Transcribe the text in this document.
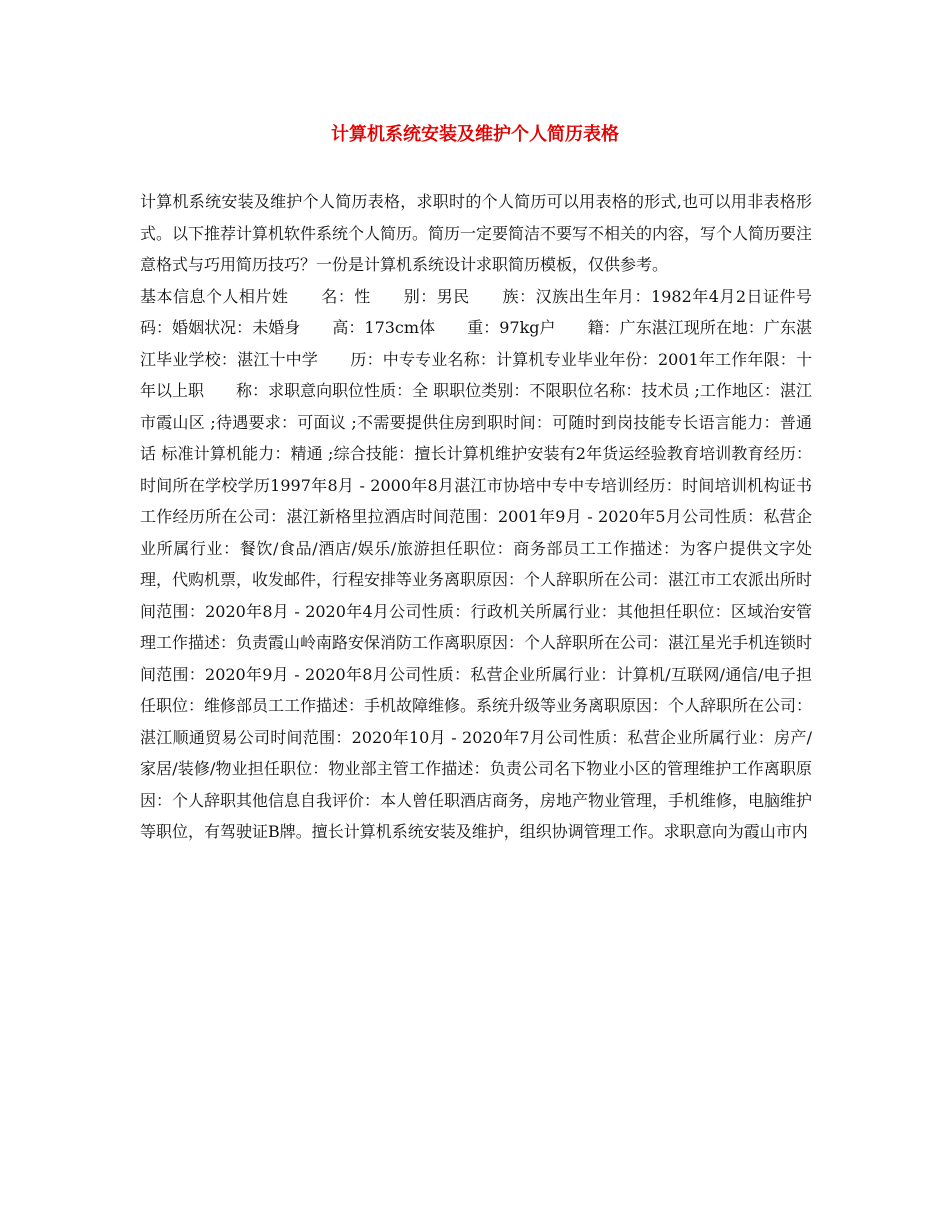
计算机系统安装及维护个人简历表格

计算机系统安装及维护个人简历表格，求职时的个人简历可以用表格的形式,也可以用非表格形式。以下推荐计算机软件系统个人简历。简历一定要简洁不要写不相关的内容，写个人简历要注意格式与巧用简历技巧？一份是计算机系统设计求职简历模板，仅供参考。

基本信息个人相片姓　　名：性　　别：男民　　族：汉族出生年月：1982年4月2日证件号码：婚姻状况：未婚身　　高：173cm体　　重：97kg户　　籍：广东湛江现所在地：广东湛江毕业学校：湛江十中学　　历：中专专业名称：计算机专业毕业年份：2001年工作年限：十年以上职　　称：求职意向职位性质：全 职职位类别：不限职位名称：技术员 ;工作地区：湛江市霞山区 ;待遇要求：可面议 ;不需要提供住房到职时间：可随时到岗技能专长语言能力：普通话 标准计算机能力：精通 ;综合技能：擅长计算机维护安装有2年货运经验教育培训教育经历：时间所在学校学历1997年8月 - 2000年8月湛江市协培中专中专培训经历：时间培训机构证书工作经历所在公司：湛江新格里拉酒店时间范围：2001年9月 - 2020年5月公司性质：私营企业所属行业：餐饮/食品/酒店/娱乐/旅游担任职位：商务部员工工作描述：为客户提供文字处理，代购机票，收发邮件，行程安排等业务离职原因：个人辞职所在公司：湛江市工农派出所时间范围：2020年8月 - 2020年4月公司性质：行政机关所属行业：其他担任职位：区域治安管理工作描述：负责霞山岭南路安保消防工作离职原因：个人辞职所在公司：湛江星光手机连锁时间范围：2020年9月 - 2020年8月公司性质：私营企业所属行业：计算机/互联网/通信/电子担任职位：维修部员工工作描述：手机故障维修。系统升级等业务离职原因：个人辞职所在公司：湛江顺通贸易公司时间范围：2020年10月 - 2020年7月公司性质：私营企业所属行业：房产/家居/装修/物业担任职位：物业部主管工作描述：负责公司名下物业小区的管理维护工作离职原因：个人辞职其他信息自我评价：本人曾任职酒店商务，房地产物业管理，手机维修，电脑维护等职位，有驾驶证B牌。擅长计算机系统安装及维护，组织协调管理工作。求职意向为霞山市内
